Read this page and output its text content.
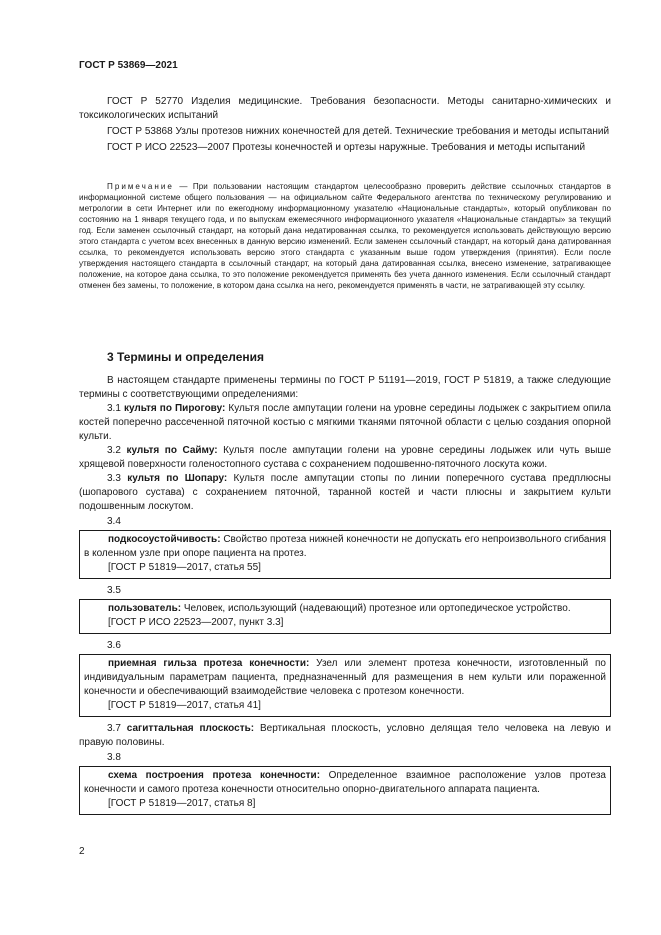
ГОСТ Р 53869—2021

ГОСТ Р 52770 Изделия медицинские. Требования безопасности. Методы санитарно-химических и токсикологических испытаний

ГОСТ Р 53868 Узлы протезов нижних конечностей для детей. Технические требования и методы испытаний

ГОСТ Р ИСО 22523—2007 Протезы конечностей и ортезы наружные. Требования и методы испытаний

Примечание — При пользовании настоящим стандартом целесообразно проверить действие ссылочных стандартов в информационной системе общего пользования — на официальном сайте Федерального агентства по техническому регулированию и метрологии в сети Интернет или по ежегодному информационному указателю «Национальные стандарты», который опубликован по состоянию на 1 января текущего года, и по выпускам ежемесячного информационного указателя «Национальные стандарты» за текущий год. Если заменен ссылочный стандарт, на который дана недатированная ссылка, то рекомендуется использовать действующую версию этого стандарта с учетом всех внесенных в данную версию изменений. Если заменен ссылочный стандарт, на который дана датированная ссылка, то рекомендуется использовать версию этого стандарта с указанным выше годом утверждения (принятия). Если после утверждения настоящего стандарта в ссылочный стандарт, на который дана датированная ссылка, внесено изменение, затрагивающее положение, на которое дана ссылка, то это положение рекомендуется применять без учета данного изменения. Если ссылочный стандарт отменен без замены, то положение, в котором дана ссылка на него, рекомендуется применять в части, не затрагивающей эту ссылку.

3 Термины и определения

В настоящем стандарте применены термины по ГОСТ Р 51191—2019, ГОСТ Р 51819, а также следующие термины с соответствующими определениями:

3.1 культя по Пирогову: Культя после ампутации голени на уровне середины лодыжек с закрытием опила костей поперечно рассеченной пяточной костью с мягкими тканями пяточной области с целью создания опорной культи.

3.2 культя по Сайму: Культя после ампутации голени на уровне середины лодыжек или чуть выше хрящевой поверхности голеностопного сустава с сохранением подошвенно-пяточного лоскута кожи.

3.3 культя по Шопару: Культя после ампутации стопы по линии поперечного сустава предплюсны (шопарового сустава) с сохранением пяточной, таранной костей и части плюсны и закрытием культи подошвенным лоскутом.

3.4

подкосоустойчивость: Свойство протеза нижней конечности не допускать его непроизвольного сгибания в коленном узле при опоре пациента на протез.

[ГОСТ Р 51819—2017, статья 55]

3.5

пользователь: Человек, использующий (надевающий) протезное или ортопедическое устройство.

[ГОСТ Р ИСО 22523—2007, пункт 3.3]

3.6

приемная гильза протеза конечности: Узел или элемент протеза конечности, изготовленный по индивидуальным параметрам пациента, предназначенный для размещения в нем культи или пораженной конечности и обеспечивающий взаимодействие человека с протезом конечности.

[ГОСТ Р 51819—2017, статья 41]

3.7 сагиттальная плоскость: Вертикальная плоскость, условно делящая тело человека на левую и правую половины.

3.8

схема построения протеза конечности: Определенное взаимное расположение узлов протеза конечности и самого протеза конечности относительно опорно-двигательного аппарата пациента.

[ГОСТ Р 51819—2017, статья 8]

2
